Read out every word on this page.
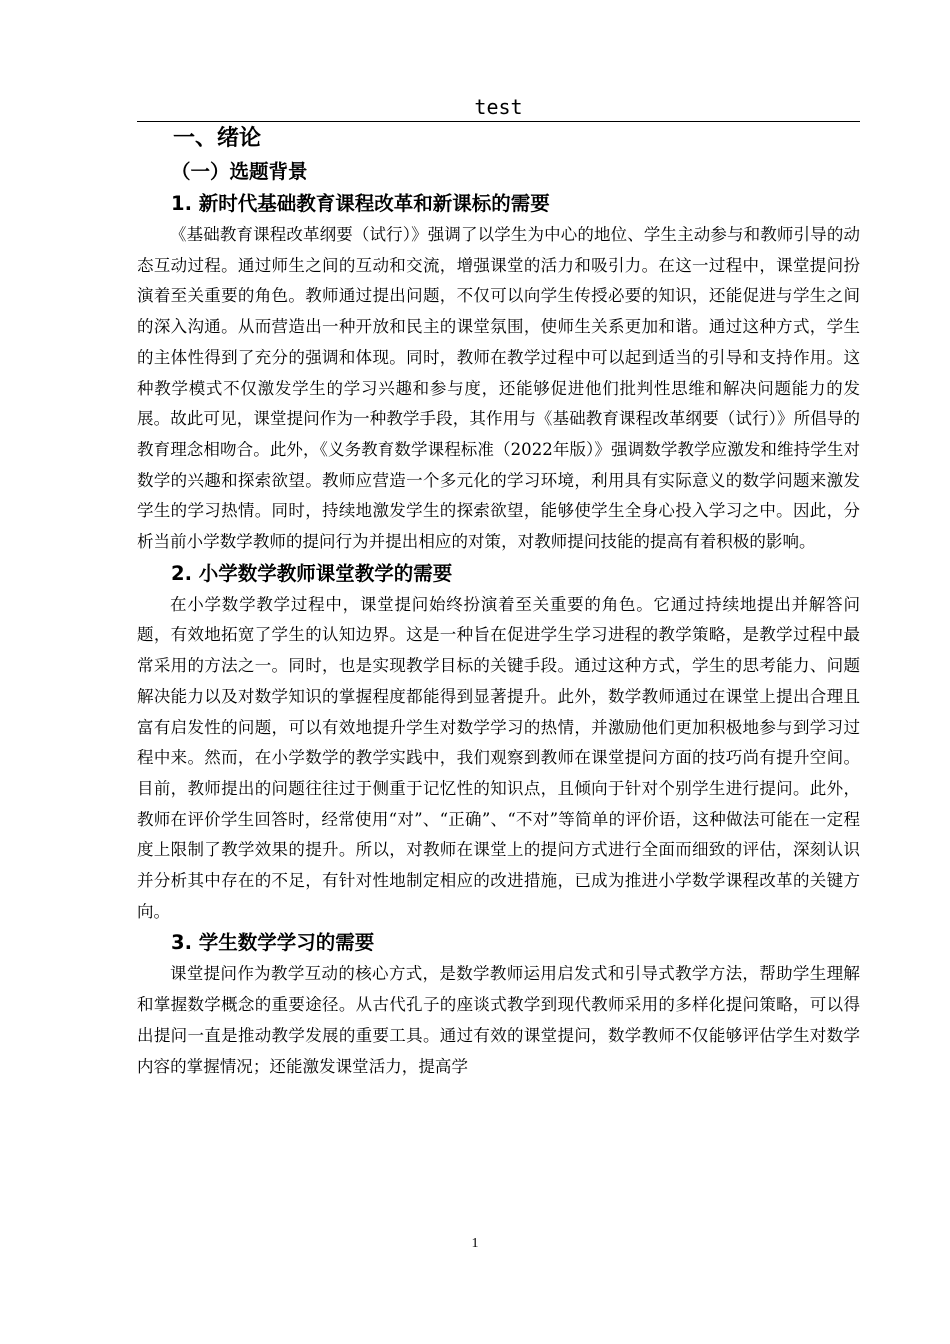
test
一、绪论
（一）选题背景
1. 新时代基础教育课程改革和新课标的需要

《基础教育课程改革纲要（试行）》强调了以学生为中心的地位、学生主动参与和教师引导的动态互动过程。通过师生之间的互动和交流，增强课堂的活力和吸引力。在这一过程中，课堂提问扮演着至关重要的角色。教师通过提出问题，不仅可以向学生传授必要的知识，还能促进与学生之间的深入沟通。从而营造出一种开放和民主的课堂氛围，使师生关系更加和谐。通过这种方式，学生的主体性得到了充分的强调和体现。同时，教师在教学过程中可以起到适当的引导和支持作用。这种教学模式不仅激发学生的学习兴趣和参与度，还能够促进他们批判性思维和解决问题能力的发展。故此可见，课堂提问作为一种教学手段，其作用与《基础教育课程改革纲要（试行）》所倡导的教育理念相吻合。此外，《义务教育数学课程标准（2022年版）》强调数学教学应激发和维持学生对数学的兴趣和探索欲望。教师应营造一个多元化的学习环境，利用具有实际意义的数学问题来激发学生的学习热情。同时，持续地激发学生的探索欲望，能够使学生全身心投入学习之中。因此，分析当前小学数学教师的提问行为并提出相应的对策，对教师提问技能的提高有着积极的影响。

2. 小学数学教师课堂教学的需要

在小学数学教学过程中，课堂提问始终扮演着至关重要的角色。它通过持续地提出并解答问题，有效地拓宽了学生的认知边界。这是一种旨在促进学生学习进程的教学策略，是教学过程中最常采用的方法之一。同时，也是实现教学目标的关键手段。通过这种方式，学生的思考能力、问题解决能力以及对数学知识的掌握程度都能得到显著提升。此外，数学教师通过在课堂上提出合理且富有启发性的问题，可以有效地提升学生对数学学习的热情，并激励他们更加积极地参与到学习过程中来。然而，在小学数学的教学实践中，我们观察到教师在课堂提问方面的技巧尚有提升空间。目前，教师提出的问题往往过于侧重于记忆性的知识点，且倾向于针对个别学生进行提问。此外，教师在评价学生回答时，经常使用“对”、“正确”、“不对”等简单的评价语，这种做法可能在一定程度上限制了教学效果的提升。所以，对教师在课堂上的提问方式进行全面而细致的评估，深刻认识并分析其中存在的不足，有针对性地制定相应的改进措施，已成为推进小学数学课程改革的关键方向。

3. 学生数学学习的需要

课堂提问作为教学互动的核心方式，是数学教师运用启发式和引导式教学方法，帮助学生理解和掌握数学概念的重要途径。从古代孔子的座谈式教学到现代教师采用的多样化提问策略，可以得出提问一直是推动教学发展的重要工具。通过有效的课堂提问，数学教师不仅能够评估学生对数学内容的掌握情况；还能激发课堂活力，提高学

1
